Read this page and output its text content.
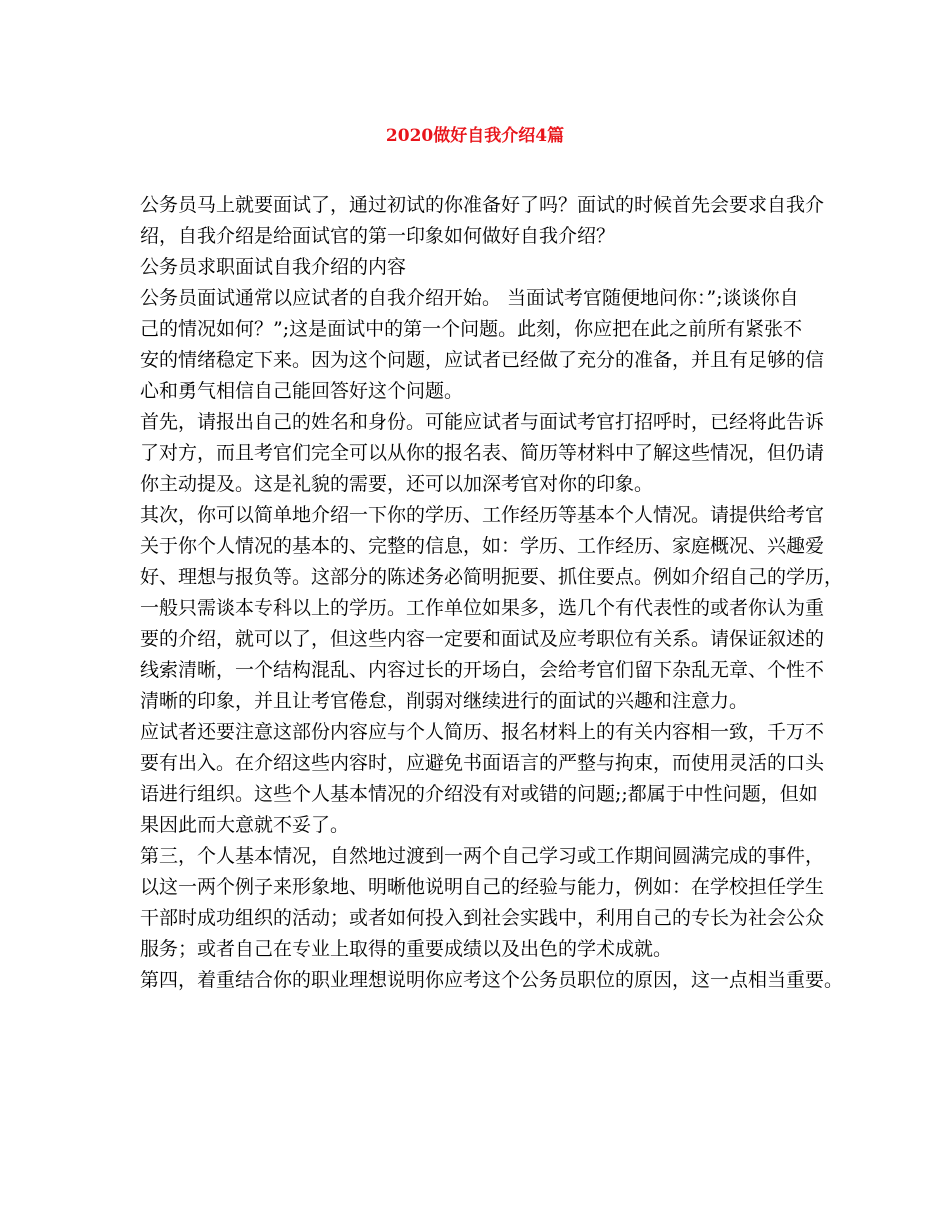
2020做好自我介绍4篇
公务员马上就要面试了，通过初试的你准备好了吗？面试的时候首先会要求自我介
绍，自我介绍是给面试官的第一印象如何做好自我介绍？
公务员求职面试自我介绍的内容
公务员面试通常以应试者的自我介绍开始。 当面试考官随便地问你：”;谈谈你自
己的情况如何？”;这是面试中的第一个问题。此刻，你应把在此之前所有紧张不
安的情绪稳定下来。因为这个问题，应试者已经做了充分的准备，并且有足够的信
心和勇气相信自己能回答好这个问题。
首先，请报出自己的姓名和身份。可能应试者与面试考官打招呼时，已经将此告诉
了对方，而且考官们完全可以从你的报名表、简历等材料中了解这些情况，但仍请
你主动提及。这是礼貌的需要，还可以加深考官对你的印象。
其次，你可以简单地介绍一下你的学历、工作经历等基本个人情况。请提供给考官
关于你个人情况的基本的、完整的信息，如：学历、工作经历、家庭概况、兴趣爱
好、理想与报负等。这部分的陈述务必简明扼要、抓住要点。例如介绍自己的学历，
一般只需谈本专科以上的学历。工作单位如果多，选几个有代表性的或者你认为重
要的介绍，就可以了，但这些内容一定要和面试及应考职位有关系。请保证叙述的
线索清晰，一个结构混乱、内容过长的开场白，会给考官们留下杂乱无章、个性不
清晰的印象，并且让考官倦怠，削弱对继续进行的面试的兴趣和注意力。
应试者还要注意这部份内容应与个人简历、报名材料上的有关内容相一致，千万不
要有出入。在介绍这些内容时，应避免书面语言的严整与拘束，而使用灵活的口头
语进行组织。这些个人基本情况的介绍没有对或错的问题;;都属于中性问题，但如
果因此而大意就不妥了。
第三，个人基本情况，自然地过渡到一两个自己学习或工作期间圆满完成的事件，
以这一两个例子来形象地、明晰他说明自己的经验与能力，例如：在学校担任学生
干部时成功组织的活动；或者如何投入到社会实践中，利用自己的专长为社会公众
服务；或者自己在专业上取得的重要成绩以及出色的学术成就。
第四，着重结合你的职业理想说明你应考这个公务员职位的原因，这一点相当重要。
